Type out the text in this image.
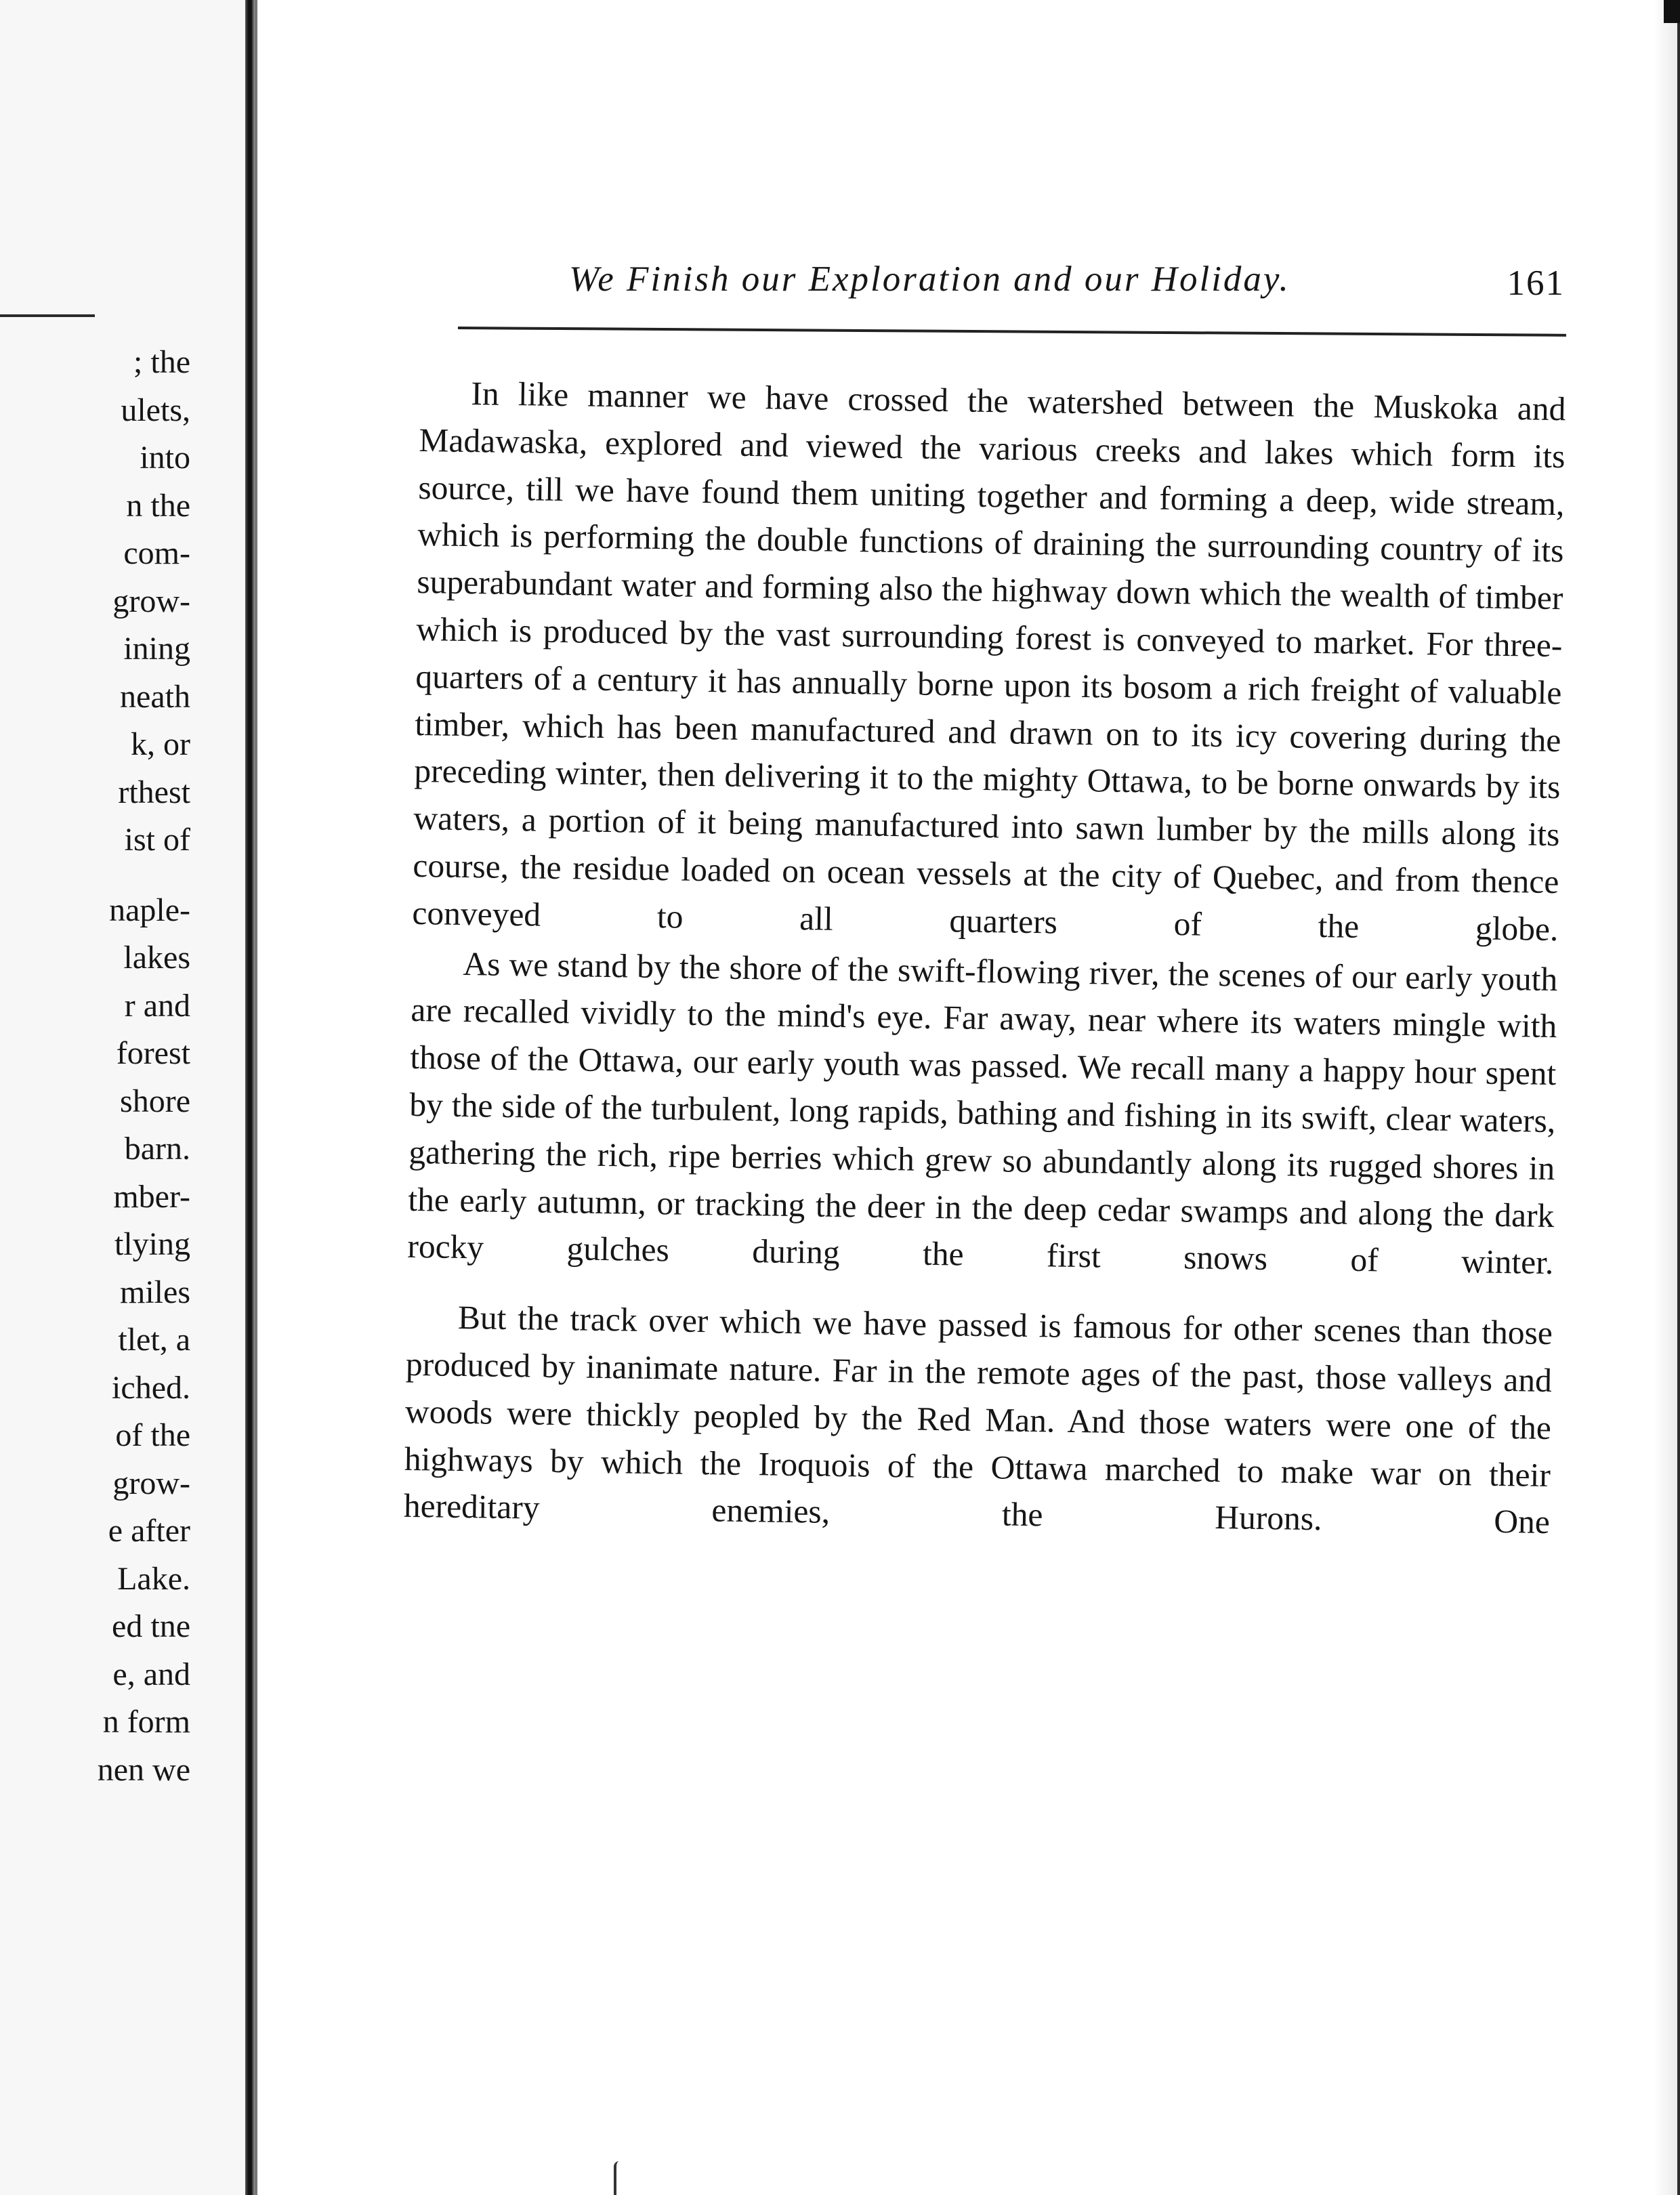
; the
ulets,
into
n the
com-
grow-
ining
neath
k, or
rthest
ist of
naple-
lakes
r and
forest
shore
barn.
mber-
tlying
miles
tlet, a
iched.
of the
grow-
e after
Lake.
ed tne
e, and
n form
nen we
We Finish our Exploration and our Holiday.	161

In like manner we have crossed the watershed between the Muskoka and Madawaska, explored and viewed the various creeks and lakes which form its source, till we have found them uniting together and forming a deep, wide stream, which is performing the double functions of draining the surrounding country of its superabundant water and forming also the highway down which the wealth of timber which is produced by the vast surrounding forest is conveyed to market. For three-quarters of a century it has annually borne upon its bosom a rich freight of valuable timber, which has been manufactured and drawn on to its icy covering during the preceding winter, then delivering it to the mighty Ottawa, to be borne onwards by its waters, a portion of it being manufactured into sawn lumber by the mills along its course, the residue loaded on ocean vessels at the city of Quebec, and from thence conveyed to all quarters of the globe.

As we stand by the shore of the swift-flowing river, the scenes of our early youth are recalled vividly to the mind's eye. Far away, near where its waters mingle with those of the Ottawa, our early youth was passed. We recall many a happy hour spent by the side of the turbulent, long rapids, bathing and fishing in its swift, clear waters, gathering the rich, ripe berries which grew so abundantly along its rugged shores in the early autumn, or tracking the deer in the deep cedar swamps and along the dark rocky gulches during the first snows of winter.

But the track over which we have passed is famous for other scenes than those produced by inanimate nature. Far in the remote ages of the past, those valleys and woods were thickly peopled by the Red Man. And those waters were one of the highways by which the Iroquois of the Ottawa marched to make war on their hereditary enemies, the Hurons. One
